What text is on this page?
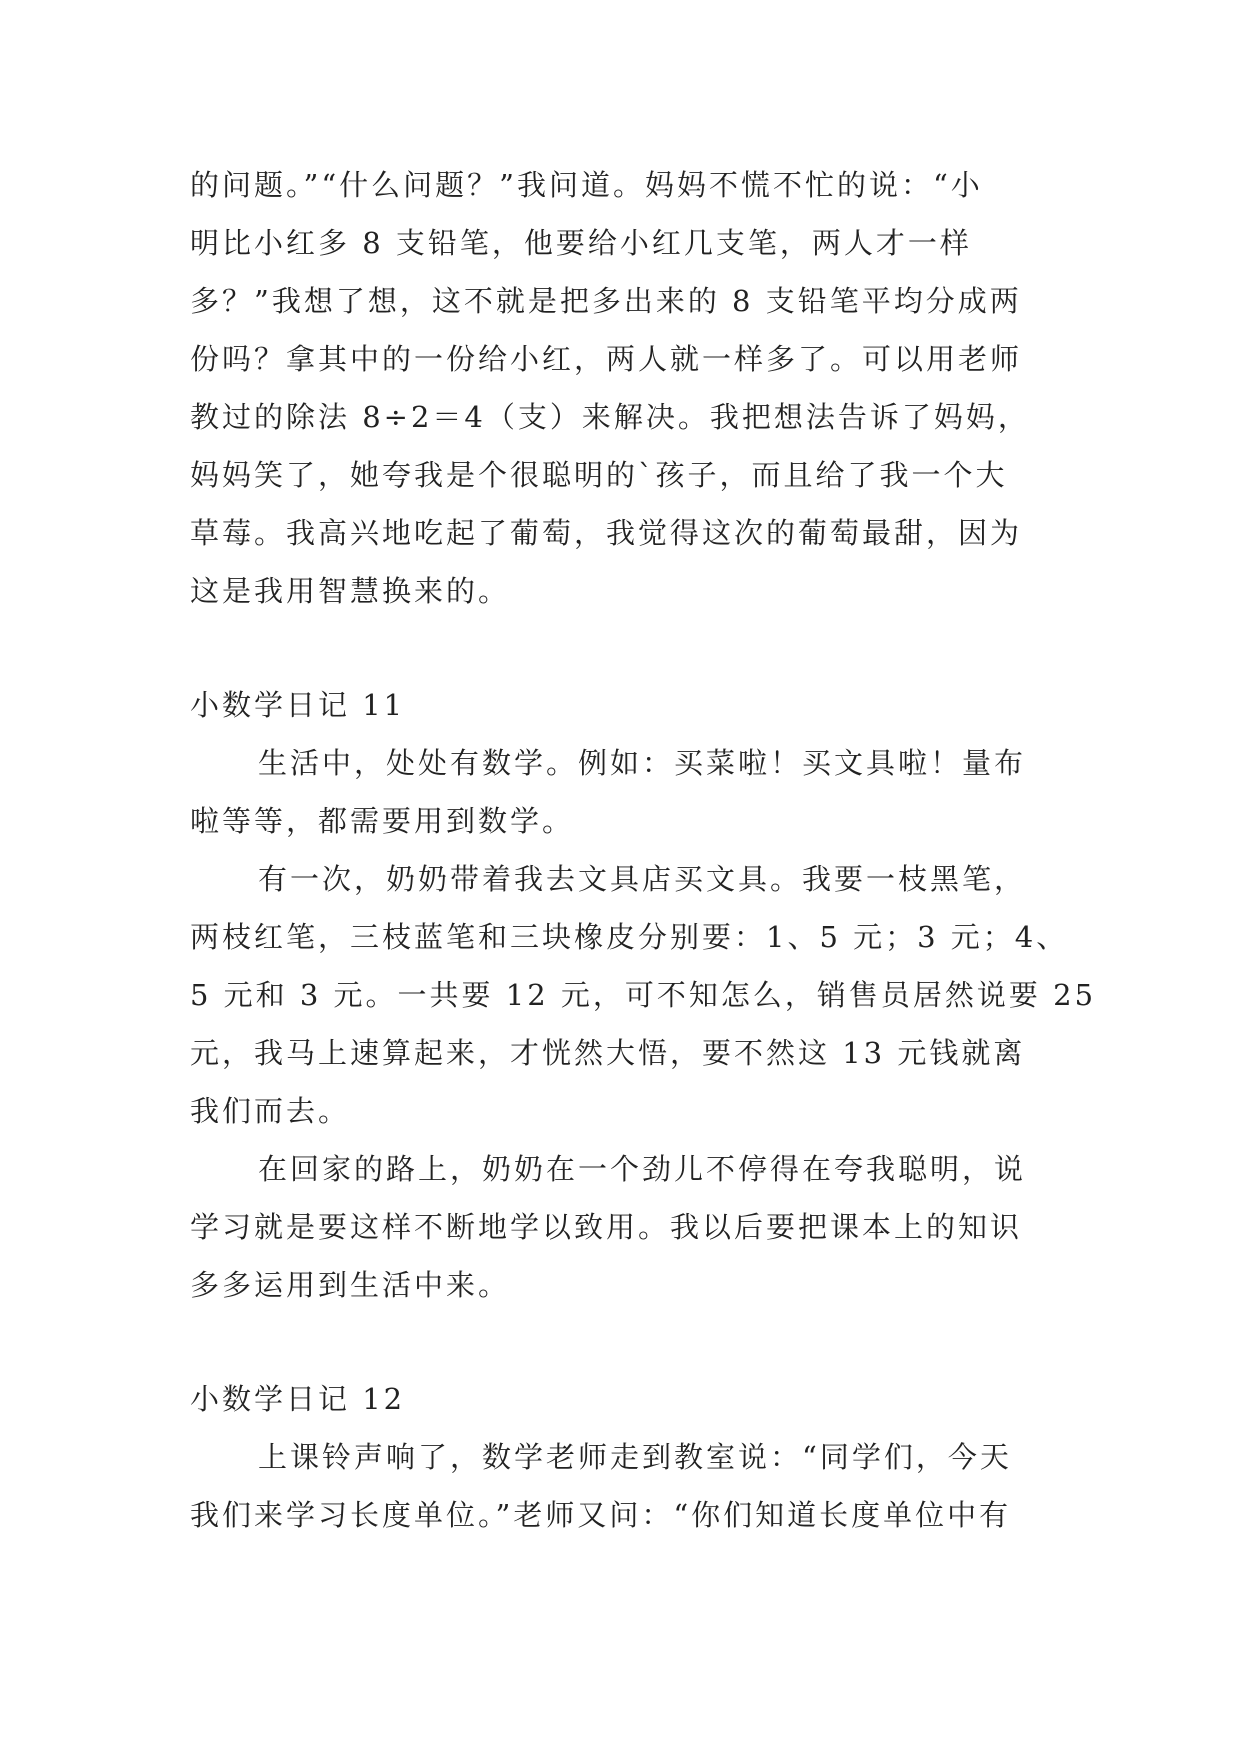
的问题。”“什么问题？”我问道。妈妈不慌不忙的说：“小
明比小红多 8 支铅笔，他要给小红几支笔，两人才一样
多？”我想了想，这不就是把多出来的 8 支铅笔平均分成两
份吗？拿其中的一份给小红，两人就一样多了。可以用老师
教过的除法 8÷2＝4（支）来解决。我把想法告诉了妈妈，
妈妈笑了，她夸我是个很聪明的`孩子，而且给了我一个大
草莓。我高兴地吃起了葡萄，我觉得这次的葡萄最甜，因为
这是我用智慧换来的。
小数学日记 11
生活中，处处有数学。例如：买菜啦！买文具啦！量布
啦等等，都需要用到数学。
有一次，奶奶带着我去文具店买文具。我要一枝黑笔，
两枝红笔，三枝蓝笔和三块橡皮分别要：1、5 元；3 元；4、
5 元和 3 元。一共要 12 元，可不知怎么，销售员居然说要 25
元，我马上速算起来，才恍然大悟，要不然这 13 元钱就离
我们而去。
在回家的路上，奶奶在一个劲儿不停得在夸我聪明，说
学习就是要这样不断地学以致用。我以后要把课本上的知识
多多运用到生活中来。
小数学日记 12
上课铃声响了，数学老师走到教室说：“同学们，今天
我们来学习长度单位。”老师又问：“你们知道长度单位中有
